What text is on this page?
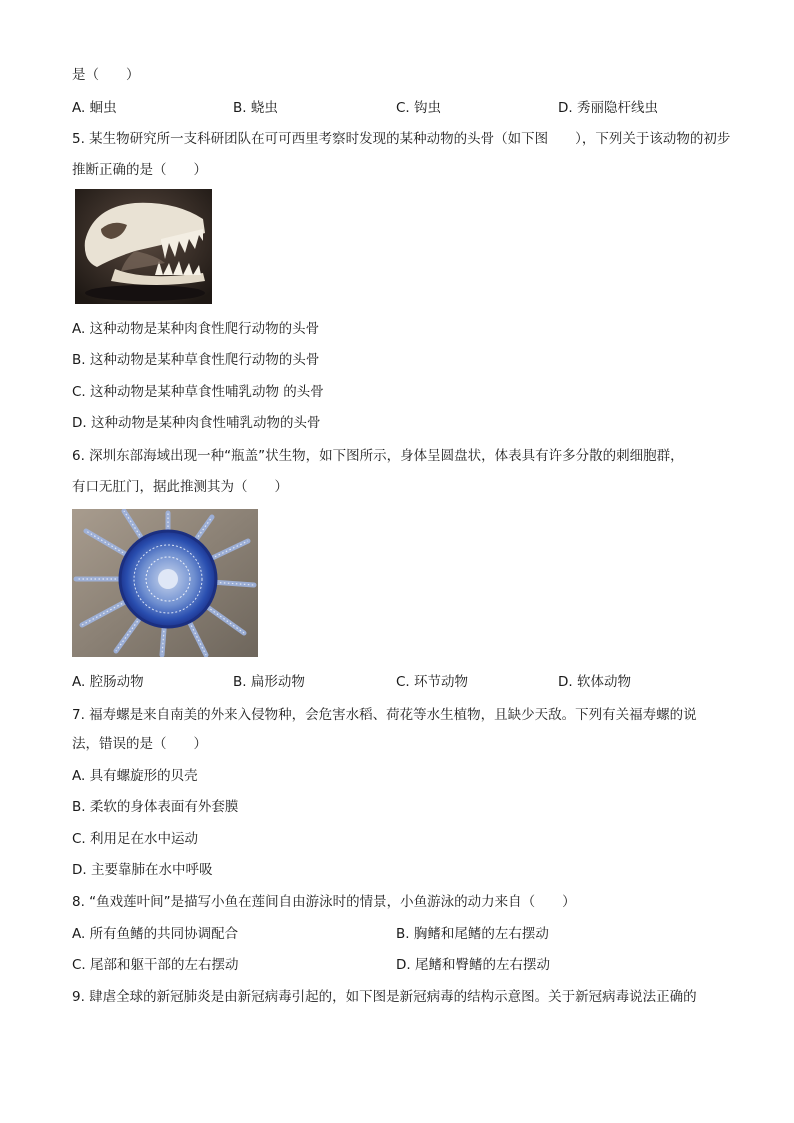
是（　　）
A. 蛔虫	B. 蛲虫	C. 钩虫	D. 秀丽隐杆线虫
5. 某生物研究所一支科研团队在可可西里考察时发现的某种动物的头骨（如下图　　），下列关于该动物的初步
推断正确的是（　　）
A. 这种动物是某种肉食性爬行动物的头骨
B. 这种动物是某种草食性爬行动物的头骨
C. 这种动物是某种草食性哺乳动物 的头骨
D. 这种动物是某种肉食性哺乳动物的头骨
6. 深圳东部海域出现一种“瓶盖”状生物，如下图所示，身体呈圆盘状，体表具有许多分散的刺细胞群，
有口无肛门，据此推测其为（　　）
A. 腔肠动物	B. 扁形动物	C. 环节动物	D. 软体动物
7. 福寿螺是来自南美的外来入侵物种，会危害水稻、荷花等水生植物，且缺少天敌。下列有关福寿螺的说
法，错误的是（　　）
A. 具有螺旋形的贝壳
B. 柔软的身体表面有外套膜
C. 利用足在水中运动
D. 主要靠肺在水中呼吸
8. “鱼戏莲叶间”是描写小鱼在莲间自由游泳时的情景，小鱼游泳的动力来自（　　）
A. 所有鱼鳍的共同协调配合	B. 胸鳍和尾鳍的左右摆动
C. 尾部和躯干部的左右摆动	D. 尾鳍和臀鳍的左右摆动
9. 肆虐全球的新冠肺炎是由新冠病毒引起的，如下图是新冠病毒的结构示意图。关于新冠病毒说法正确的
